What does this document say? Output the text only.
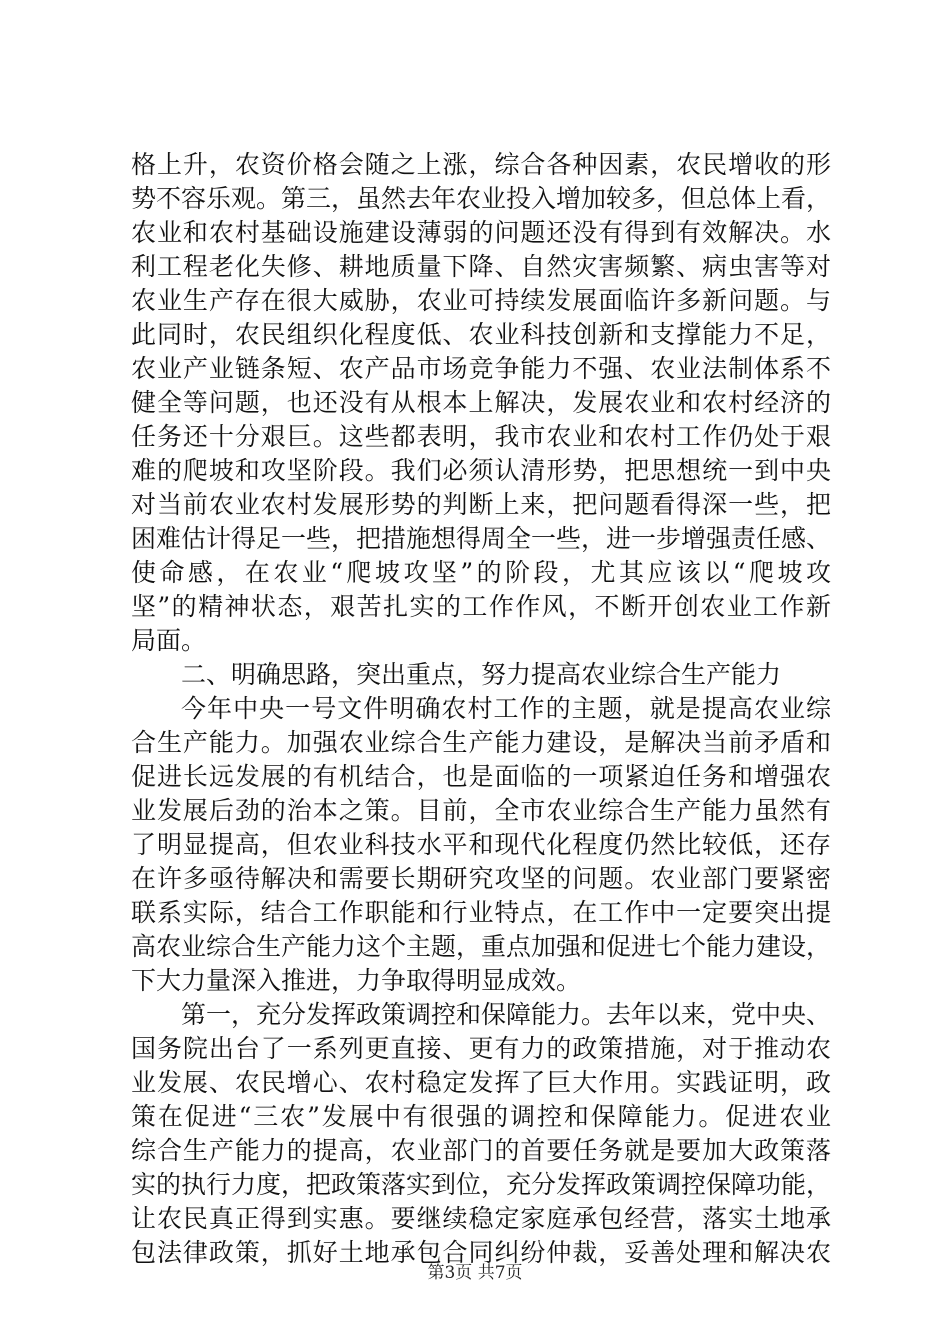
格上升，农资价格会随之上涨，综合各种因素，农民增收的形
势不容乐观。第三，虽然去年农业投入增加较多，但总体上看，
农业和农村基础设施建设薄弱的问题还没有得到有效解决。水
利工程老化失修、耕地质量下降、自然灾害频繁、病虫害等对
农业生产存在很大威胁，农业可持续发展面临许多新问题。与
此同时，农民组织化程度低、农业科技创新和支撑能力不足，
农业产业链条短、农产品市场竞争能力不强、农业法制体系不
健全等问题，也还没有从根本上解决，发展农业和农村经济的
任务还十分艰巨。这些都表明，我市农业和农村工作仍处于艰
难的爬坡和攻坚阶段。我们必须认清形势，把思想统一到中央
对当前农业农村发展形势的判断上来，把问题看得深一些，把
困难估计得足一些，把措施想得周全一些，进一步增强责任感、
使命感，在农业“爬坡攻坚”的阶段，尤其应该以“爬坡攻
坚”的精神状态，艰苦扎实的工作作风，不断开创农业工作新
局面。
二、明确思路，突出重点，努力提高农业综合生产能力
今年中央一号文件明确农村工作的主题，就是提高农业综
合生产能力。加强农业综合生产能力建设，是解决当前矛盾和
促进长远发展的有机结合，也是面临的一项紧迫任务和增强农
业发展后劲的治本之策。目前，全市农业综合生产能力虽然有
了明显提高，但农业科技水平和现代化程度仍然比较低，还存
在许多亟待解决和需要长期研究攻坚的问题。农业部门要紧密
联系实际，结合工作职能和行业特点，在工作中一定要突出提
高农业综合生产能力这个主题，重点加强和促进七个能力建设，
下大力量深入推进，力争取得明显成效。
第一，充分发挥政策调控和保障能力。去年以来，党中央、
国务院出台了一系列更直接、更有力的政策措施，对于推动农
业发展、农民增心、农村稳定发挥了巨大作用。实践证明，政
策在促进“三农”发展中有很强的调控和保障能力。促进农业
综合生产能力的提高，农业部门的首要任务就是要加大政策落
实的执行力度，把政策落实到位，充分发挥政策调控保障功能，
让农民真正得到实惠。要继续稳定家庭承包经营，落实土地承
包法律政策，抓好土地承包合同纠纷仲裁，妥善处理和解决农
第3页 共7页
